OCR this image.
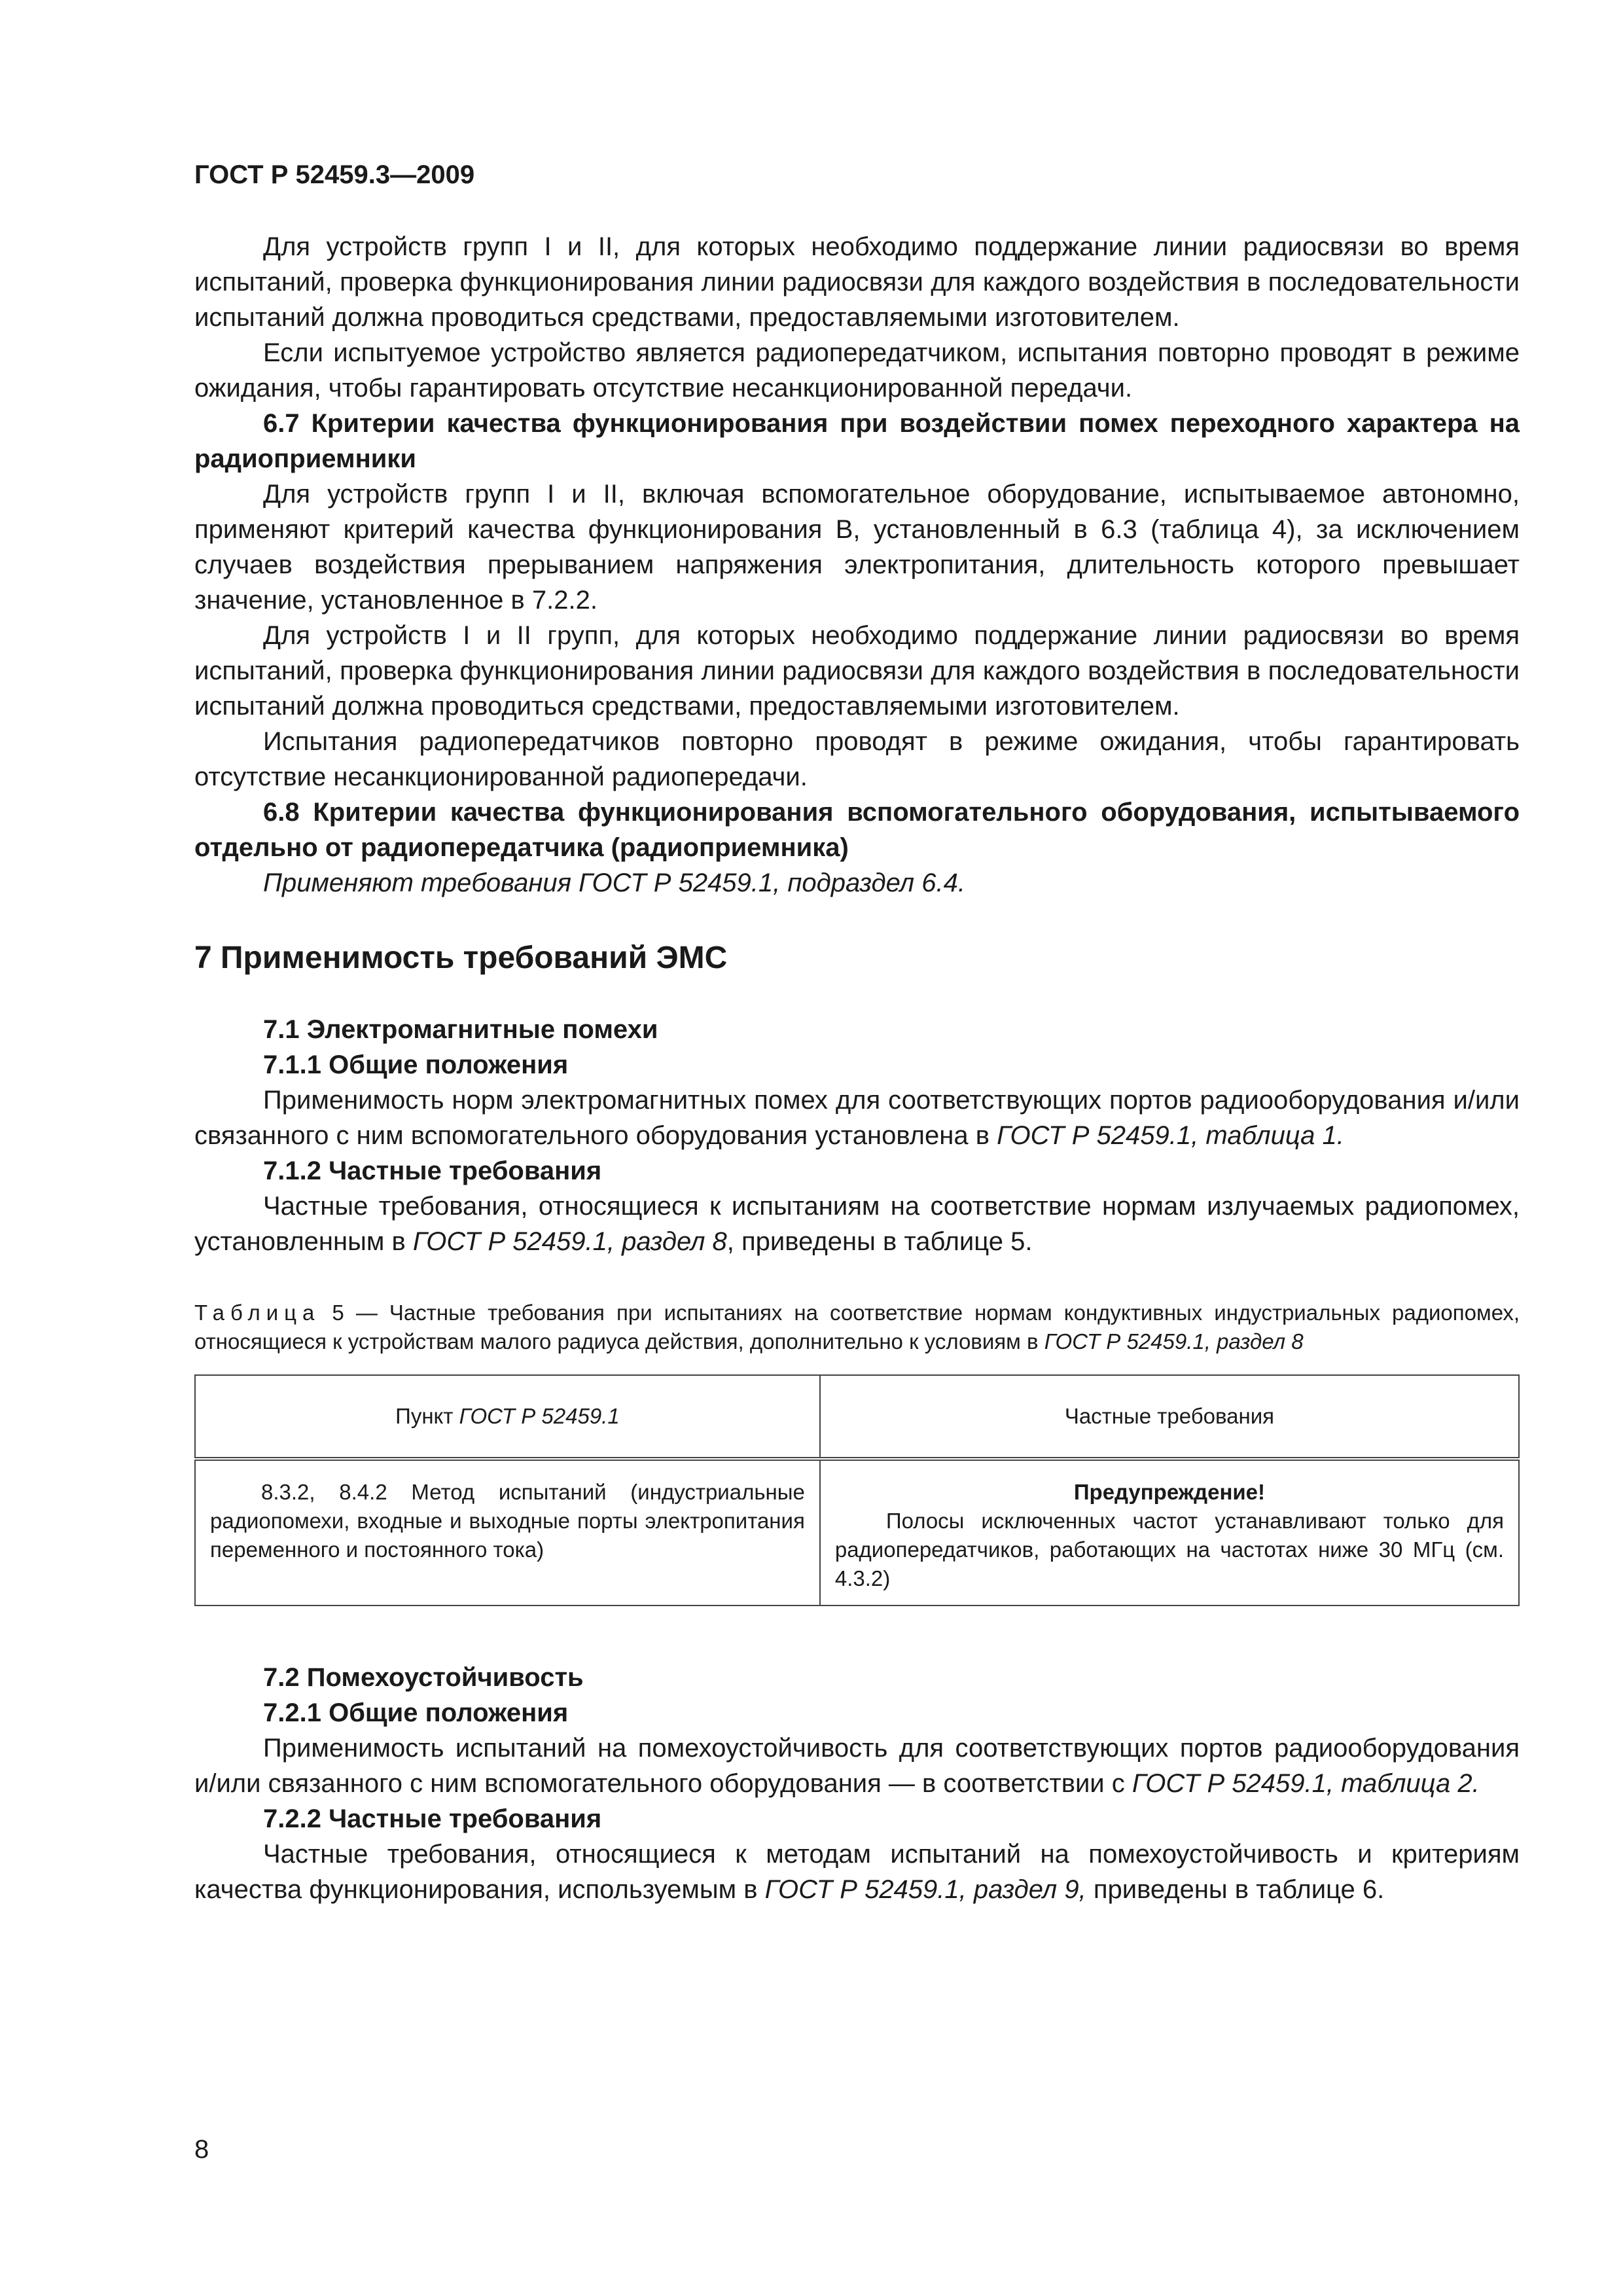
ГОСТ Р 52459.3—2009

Для устройств групп I и II, для которых необходимо поддержание линии радиосвязи во время испытаний, проверка функционирования линии радиосвязи для каждого воздействия в последовательности испытаний должна проводиться средствами, предоставляемыми изготовителем.

Если испытуемое устройство является радиопередатчиком, испытания повторно проводят в режиме ожидания, чтобы гарантировать отсутствие несанкционированной передачи.

6.7 Критерии качества функционирования при воздействии помех переходного характера на радиоприемники

Для устройств групп I и II, включая вспомогательное оборудование, испытываемое автономно, применяют критерий качества функционирования В, установленный в 6.3 (таблица 4), за исключением случаев воздействия прерыванием напряжения электропитания, длительность которого превышает значение, установленное в 7.2.2.

Для устройств I и II групп, для которых необходимо поддержание линии радиосвязи во время испытаний, проверка функционирования линии радиосвязи для каждого воздействия в последовательности испытаний должна проводиться средствами, предоставляемыми изготовителем.

Испытания радиопередатчиков повторно проводят в режиме ожидания, чтобы гарантировать отсутствие несанкционированной радиопередачи.

6.8 Критерии качества функционирования вспомогательного оборудования, испытываемого отдельно от радиопередатчика (радиоприемника)

Применяют требования ГОСТ Р 52459.1, подраздел 6.4.

7 Применимость требований ЭМС
7.1 Электромагнитные помехи
7.1.1 Общие положения

Применимость норм электромагнитных помех для соответствующих портов радиооборудования и/или связанного с ним вспомогательного оборудования установлена в ГОСТ Р 52459.1, таблица 1.

7.1.2 Частные требования

Частные требования, относящиеся к испытаниям на соответствие нормам излучаемых радиопомех, установленным в ГОСТ Р 52459.1, раздел 8, приведены в таблице 5.

Таблица 5 — Частные требования при испытаниях на соответствие нормам кондуктивных индустриальных радиопомех, относящиеся к устройствам малого радиуса действия, дополнительно к условиям в ГОСТ Р 52459.1, раздел 8
Пункт ГОСТ Р 52459.1	Частные требования

8.3.2, 8.4.2 Метод испытаний (индустриальные радиопомехи, входные и выходные порты электропитания переменного и постоянного тока)	Предупреждение!

Полосы исключенных частот устанавливают только для радиопередатчиков, работающих на частотах ниже 30 МГц (см. 4.3.2)

7.2 Помехоустойчивость
7.2.1 Общие положения

Применимость испытаний на помехоустойчивость для соответствующих портов радиооборудования и/или связанного с ним вспомогательного оборудования — в соответствии с ГОСТ Р 52459.1, таблица 2.

7.2.2 Частные требования

Частные требования, относящиеся к методам испытаний на помехоустойчивость и критериям качества функционирования, используемым в ГОСТ Р 52459.1, раздел 9, приведены в таблице 6.

8
